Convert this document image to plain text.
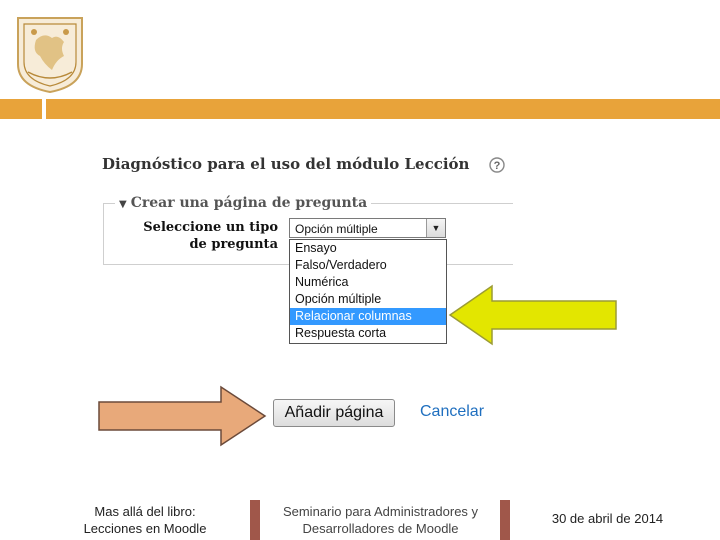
Diagnóstico para el uso del módulo Lección ?
▼ Crear una página de pregunta
Seleccione un tipo
de pregunta
Opción múltiple	▼
Ensayo
Falso/Verdadero
Numérica
Opción múltiple
Relacionar columnas
Respuesta corta
Añadir página	Cancelar
Mas allá del libro:
Lecciones en Moodle
Seminario para Administradores y
Desarrolladores de Moodle
30 de abril de 2014
